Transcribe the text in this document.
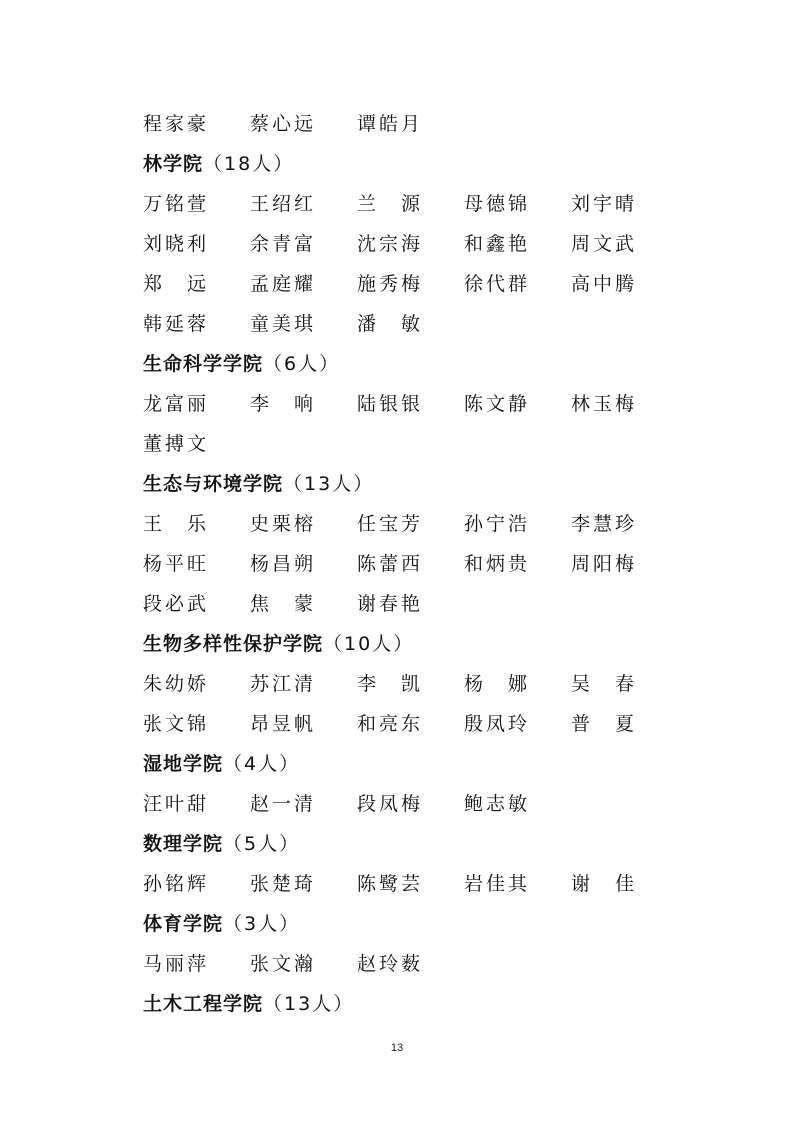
程家豪	蔡心远	谭皓月
林学院（18人）
万铭萱	王绍红	兰　源	母德锦	刘宇晴
刘晓利	余青富	沈宗海	和鑫艳	周文武
郑　远	孟庭耀	施秀梅	徐代群	高中腾
韩延蓉	童美琪	潘　敏
生命科学学院（6人）
龙富丽	李　响	陆银银	陈文静	林玉梅
董搏文
生态与环境学院（13人）
王　乐	史栗榕	任宝芳	孙宁浩	李慧珍
杨平旺	杨昌朔	陈蕾西	和炳贵	周阳梅
段必武	焦　蒙	谢春艳
生物多样性保护学院（10人）
朱幼娇	苏江清	李　凯	杨　娜	吴　春
张文锦	昂昱帆	和亮东	殷凤玲	普　夏
湿地学院（4人）
汪叶甜	赵一清	段凤梅	鲍志敏
数理学院（5人）
孙铭辉	张楚琦	陈鹭芸	岩佳其	谢　佳
体育学院（3人）
马丽萍	张文瀚	赵玲薮
土木工程学院（13人）
13
